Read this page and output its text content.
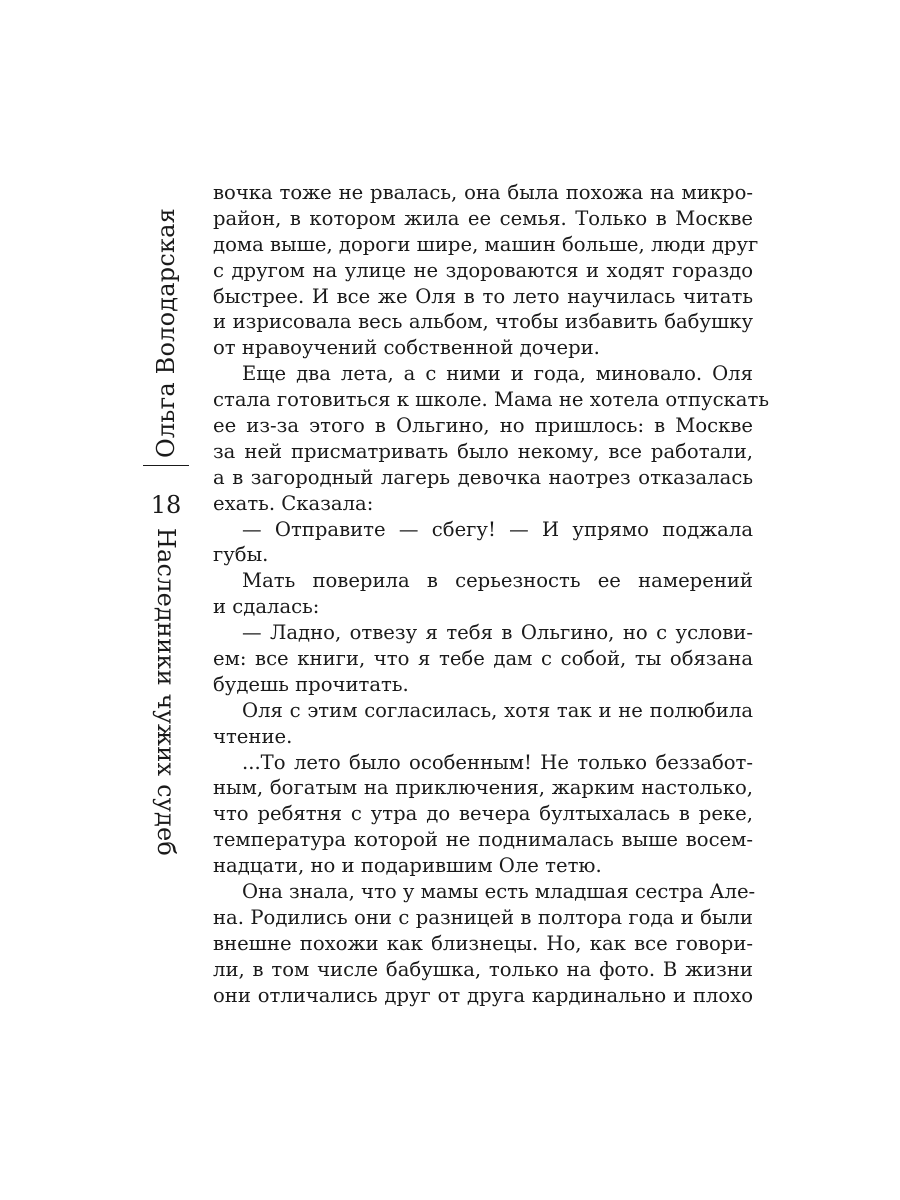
Ольга Володарская
18
Наследники чужих судеб
вочка тоже не рвалась, она была похожа на микро-
район, в котором жила ее семья. Только в Москве
дома выше, дороги шире, машин больше, люди друг
с другом на улице не здороваются и ходят гораздо
быстрее. И все же Оля в то лето научилась читать
и изрисовала весь альбом, чтобы избавить бабушку
от нравоучений собственной дочери.
Еще два лета, а с ними и года, миновало. Оля
стала готовиться к школе. Мама не хотела отпускать
ее из-за этого в Ольгино, но пришлось: в Москве
за ней присматривать было некому, все работали,
а в загородный лагерь девочка наотрез отказалась
ехать. Сказала:
— Отправите — сбегу! — И упрямо поджала
губы.
Мать поверила в серьезность ее намерений
и сдалась:
— Ладно, отвезу я тебя в Ольгино, но с услови-
ем: все книги, что я тебе дам с собой, ты обязана
будешь прочитать.
Оля с этим согласилась, хотя так и не полюбила
чтение.
...То лето было особенным! Не только беззабот-
ным, богатым на приключения, жарким настолько,
что ребятня с утра до вечера бултыхалась в реке,
температура которой не поднималась выше восем-
надцати, но и подарившим Оле тетю.
Она знала, что у мамы есть младшая сестра Але-
на. Родились они с разницей в полтора года и были
внешне похожи как близнецы. Но, как все говори-
ли, в том числе бабушка, только на фото. В жизни
они отличались друг от друга кардинально и плохо
